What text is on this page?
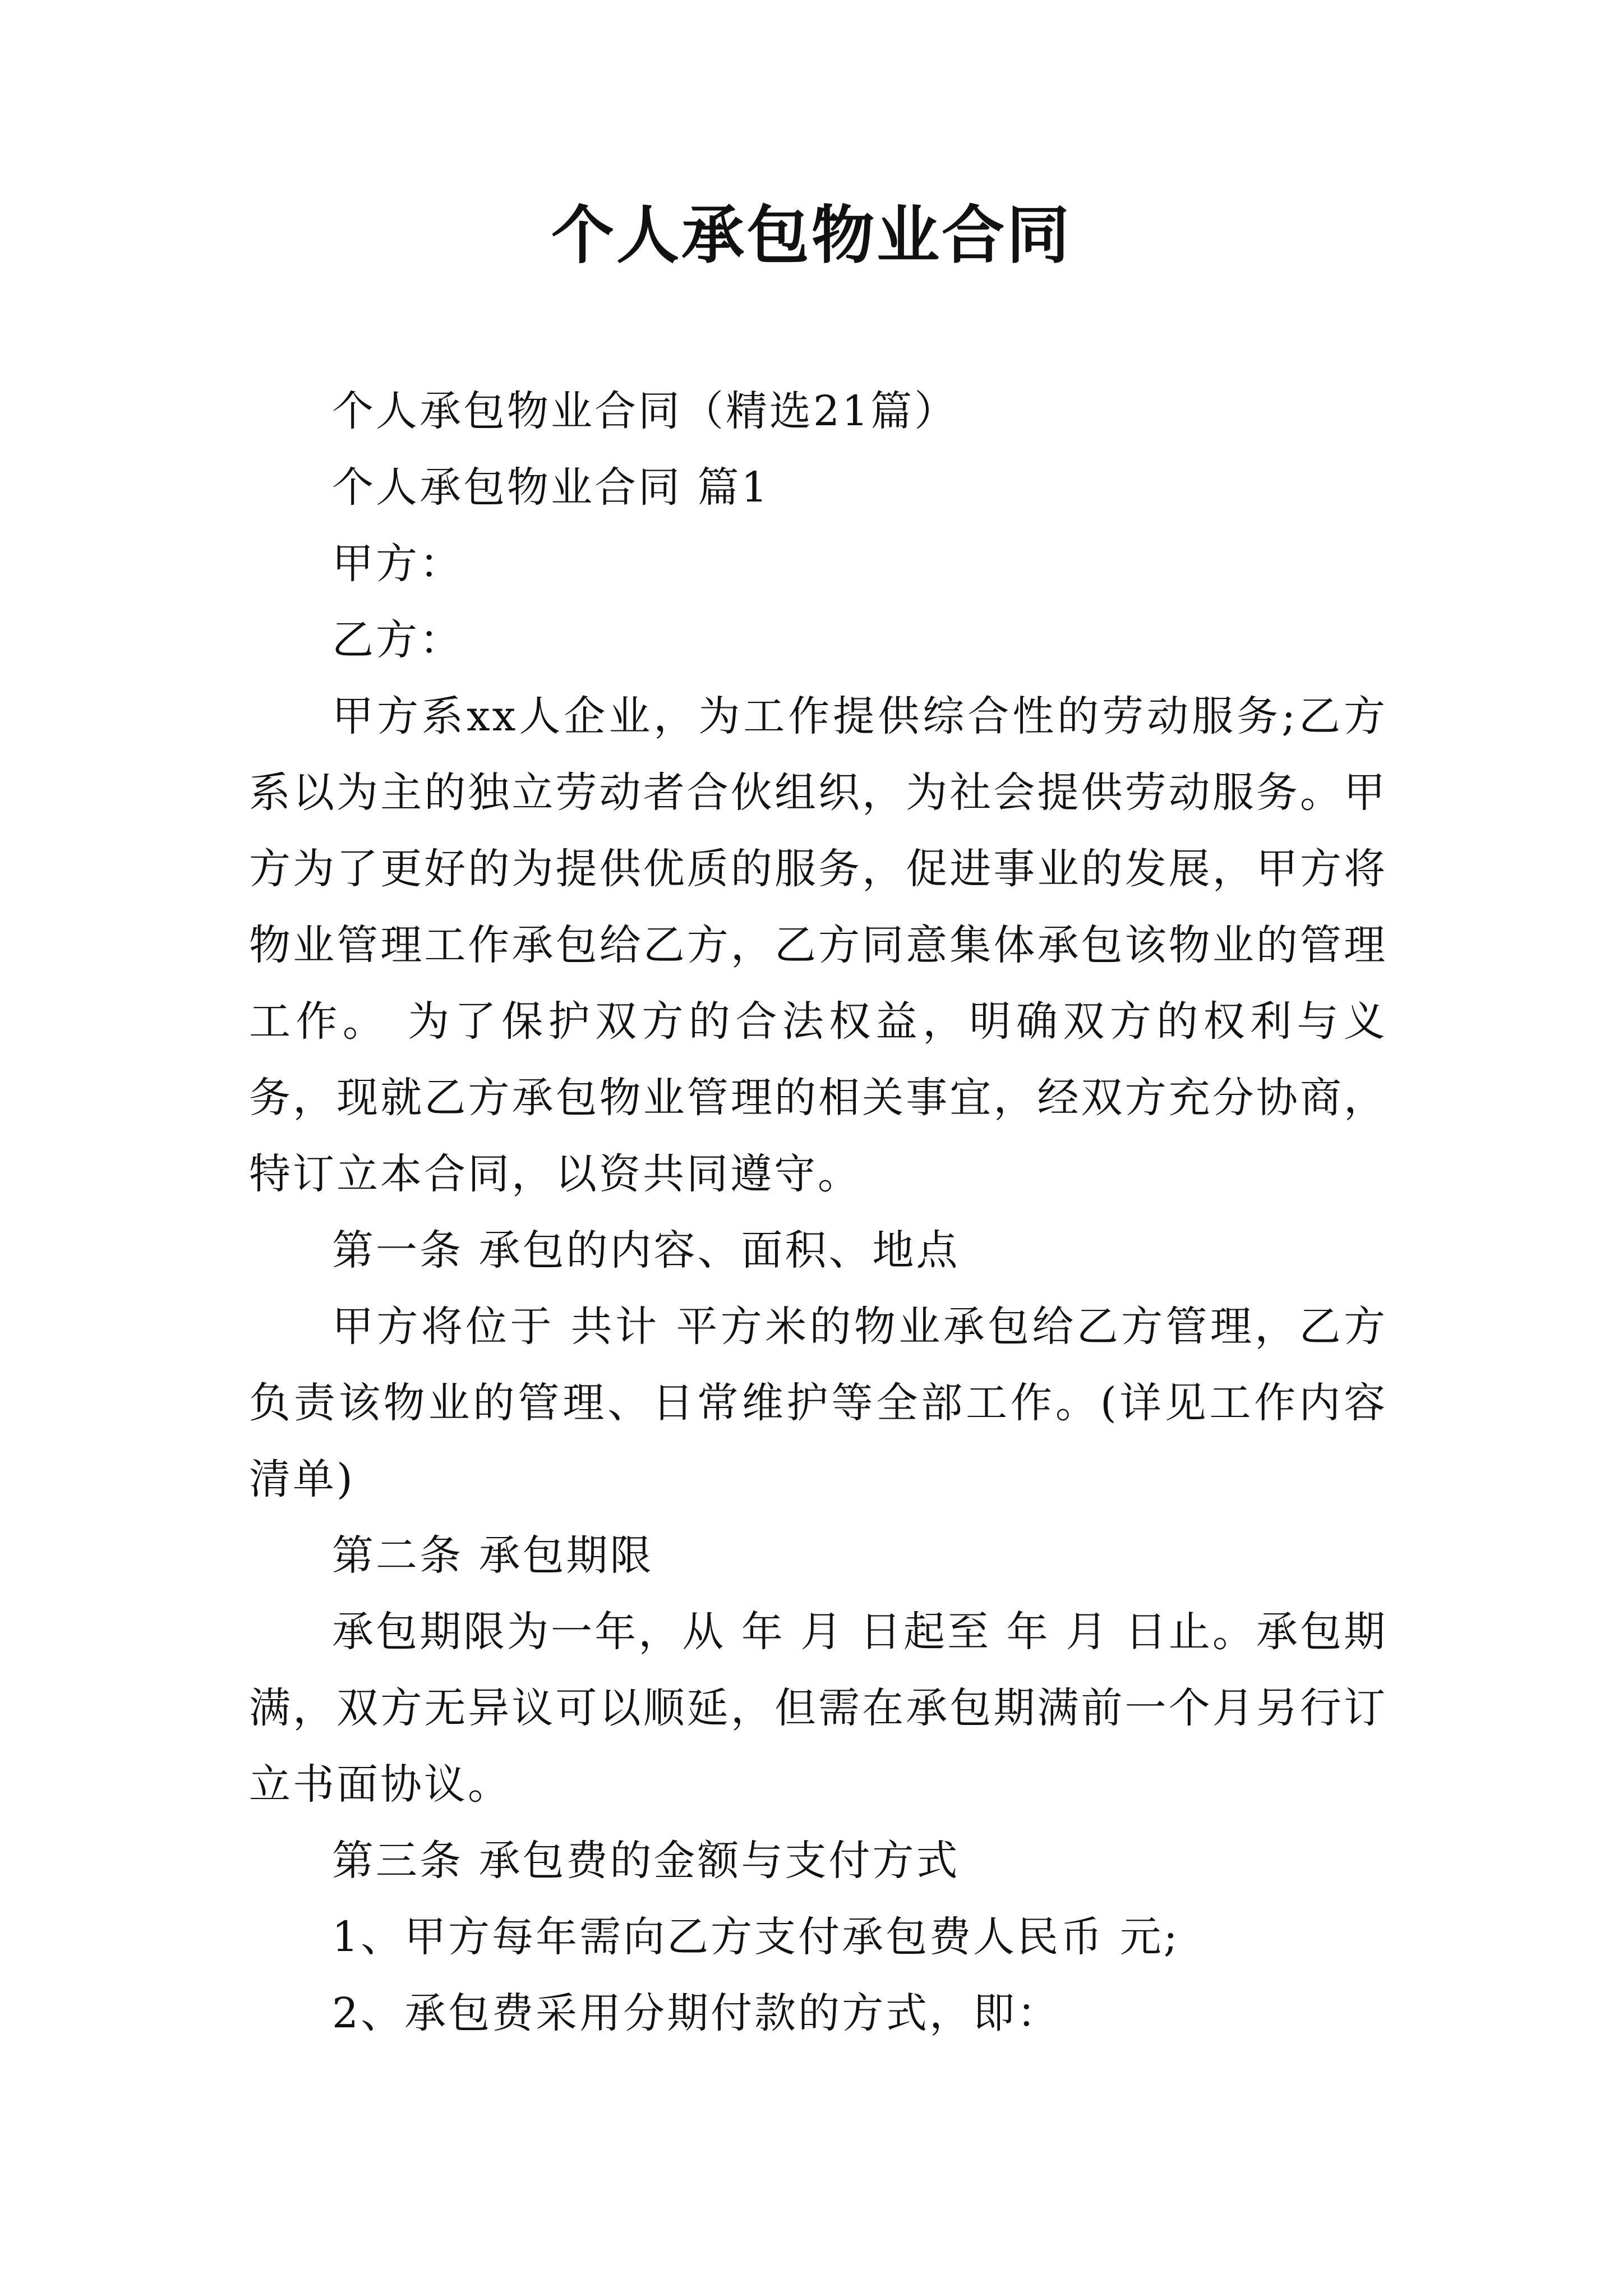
个人承包物业合同

个人承包物业合同（精选21篇）

个人承包物业合同 篇1

甲方：

乙方：

甲方系xx人企业，为工作提供综合性的劳动服务;乙方系以为主的独立劳动者合伙组织，为社会提供劳动服务。甲方为了更好的为提供优质的服务，促进事业的发展，甲方将物业管理工作承包给乙方，乙方同意集体承包该物业的管理工作。 为了保护双方的合法权益，明确双方的权利与义务，现就乙方承包物业管理的相关事宜，经双方充分协商，特订立本合同，以资共同遵守。

第一条 承包的内容、面积、地点

甲方将位于 共计 平方米的物业承包给乙方管理，乙方负责该物业的管理、日常维护等全部工作。(详见工作内容清单)

第二条 承包期限

承包期限为一年，从 年 月 日起至 年 月 日止。承包期满，双方无异议可以顺延，但需在承包期满前一个月另行订立书面协议。

第三条 承包费的金额与支付方式

1、甲方每年需向乙方支付承包费人民币 元;

2、承包费采用分期付款的方式，即：
